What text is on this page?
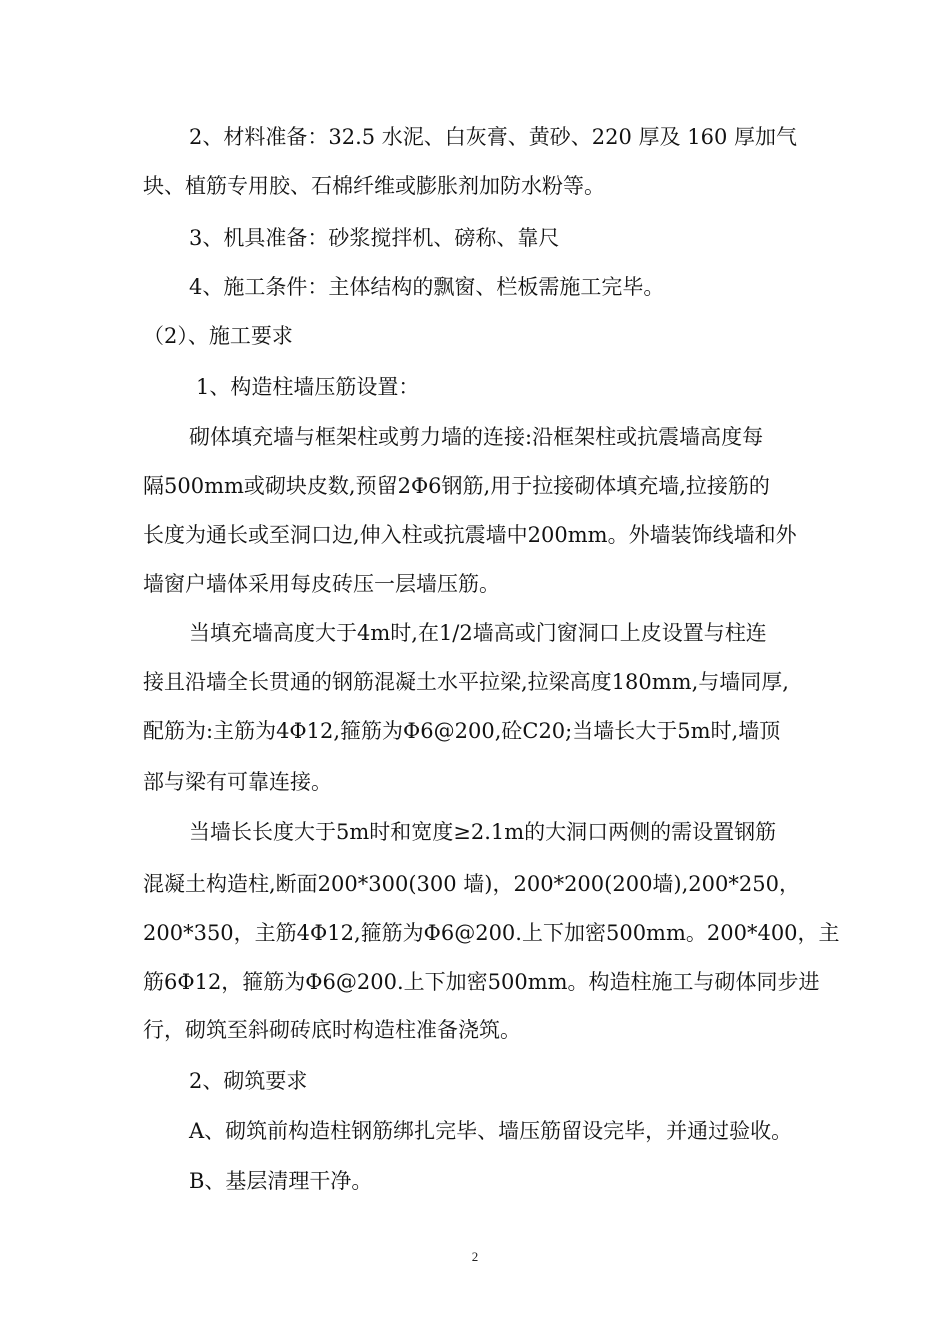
2、材料准备：32.5 水泥、白灰膏、黄砂、220 厚及 160 厚加气

块、植筋专用胶、石棉纤维或膨胀剂加防水粉等。

3、机具准备：砂浆搅拌机、磅称、靠尺

4、施工条件：主体结构的飘窗、栏板需施工完毕。

（2）、施工要求

1、构造柱墙压筋设置：

砌体填充墙与框架柱或剪力墙的连接:沿框架柱或抗震墙高度每

隔500mm或砌块皮数,预留2Φ6钢筋,用于拉接砌体填充墙,拉接筋的

长度为通长或至洞口边,伸入柱或抗震墙中200mm。外墙装饰线墙和外

墙窗户墙体采用每皮砖压一层墙压筋。

当填充墙高度大于4m时,在1/2墙高或门窗洞口上皮设置与柱连

接且沿墙全长贯通的钢筋混凝土水平拉梁,拉梁高度180mm,与墙同厚,

配筋为:主筋为4Φ12,箍筋为Φ6@200,砼C20;当墙长大于5m时,墙顶

部与梁有可靠连接。

当墙长长度大于5m时和宽度≥2.1m的大洞口两侧的需设置钢筋

混凝土构造柱,断面200*300(300 墙)，200*200(200墙),200*250，

200*350，主筋4Φ12,箍筋为Φ6@200.上下加密500mm。200*400，主

筋6Φ12，箍筋为Φ6@200.上下加密500mm。构造柱施工与砌体同步进

行，砌筑至斜砌砖底时构造柱准备浇筑。

2、砌筑要求

A、砌筑前构造柱钢筋绑扎完毕、墙压筋留设完毕，并通过验收。

B、基层清理干净。

2
